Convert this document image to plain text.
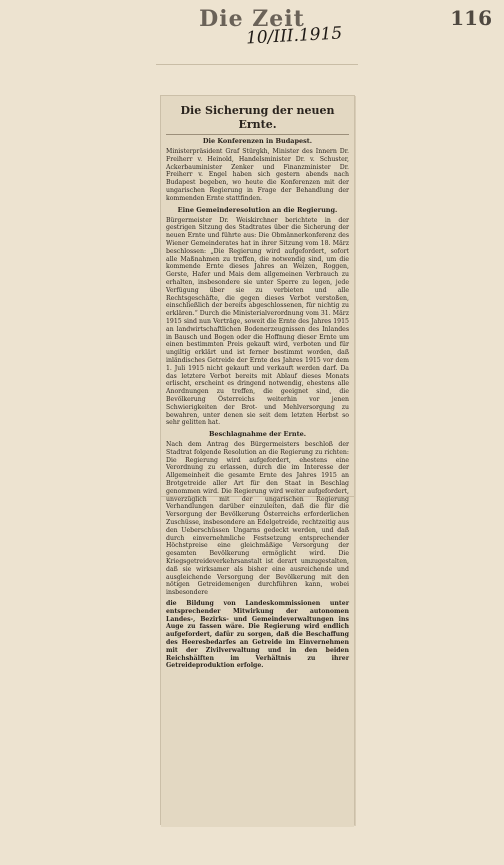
Die Zeit	116
10/III.1915
Die Sicherung der neuen Ernte.
Die Konferenzen in Budapest.

Ministerpräsident Graf Stürgkh, Minister des Innern Dr. Freiherr v. Heinold, Handelsminister Dr. v. Schuster, Ackerbauminister Zenker und Finanzminister Dr. Freiherr v. Engel haben sich gestern abends nach Budapest begeben, wo heute die Konferenzen mit der ungarischen Regierung in Frage der Behandlung der kommenden Ernte stattfinden.

Eine Gemeinderesolution an die Regierung.

Bürgermeister Dr. Weiskirchner berichtete in der gestrigen Sitzung des Stadtrates über die Sicherung der neuen Ernte und führte aus: Die Obmännerkonferenz des Wiener Gemeinderates hat in ihrer Sitzung vom 18. März beschlossen: „Die Regierung wird aufgefordert, sofort alle Maßnahmen zu treffen, die notwendig sind, um die kommende Ernte dieses Jahres an Weizen, Roggen, Gerste, Hafer und Mais dem allgemeinen Verbrauch zu erhalten, insbesondere sie unter Sperre zu legen, jede Verfügung über sie zu verbieten und alle Rechtsgeschäfte, die gegen dieses Verbot verstoßen, einschließlich der bereits abgeschlossenen, für nichtig zu erklären.“ Durch die Ministerialverordnung vom 31. März 1915 sind nun Verträge, soweit die Ernte des Jahres 1915 an landwirtschaftlichen Bodenerzeugnissen des Inlandes in Bausch und Bogen oder die Hoffnung dieser Ernte um einen bestimmten Preis gekauft wird, verboten und für ungiltig erklärt und ist ferner bestimmt worden, daß inländisches Getreide der Ernte des Jahres 1915 vor dem 1. Juli 1915 nicht gekauft und verkauft werden darf. Da das letztere Verbot bereits mit Ablauf dieses Monats erlischt, erscheint es dringend notwendig, ehestens alle Anordnungen zu treffen, die geeignet sind, die Bevölkerung Österreichs weiterhin vor jenen Schwierigkeiten der Brot- und Mehlversorgung zu bewahren, unter denen sie seit dem letzten Herbst so sehr gelitten hat.

Beschlagnahme der Ernte.

Nach dem Antrag des Bürgermeisters beschloß der Stadtrat folgende Resolution an die Regierung zu richten: Die Regierung wird aufgefordert, ehestens eine Verordnung zu erlassen, durch die im Interesse der Allgemeinheit die gesamte Ernte des Jahres 1915 an Brotgetreide aller Art für den Staat in Beschlag genommen wird. Die Regierung wird weiter aufgefordert, unverzüglich mit der ungarischen Regierung Verhandlungen darüber einzuleiten, daß die für die Versorgung der Bevölkerung Österreichs erforderlichen Zuschüsse, insbesondere an Edelgetreide, rechtzeitig aus den Ueberschüssen Ungarns gedeckt werden, und daß durch einvernehmliche Festsetzung entsprechender Höchstpreise eine gleichmäßige Versorgung der gesamten Bevölkerung ermöglicht wird. Die Kriegsgetreideverkehrsanstalt ist derart umzugestalten, daß sie wirksamer als bisher eine ausreichende und ausgleichende Versorgung der Bevölkerung mit den nötigen Getreidemengen durchführen kann, wobei insbesondere

die Bildung von Landeskommissionen unter entsprechender Mitwirkung der autonomen Landes-, Bezirks- und Gemeindeverwaltungen ins Auge zu fassen wäre. Die Regierung wird endlich aufgefordert, dafür zu sorgen, daß die Beschaffung des Heeresbedarfes an Getreide im Einvernehmen mit der Zivilverwaltung und in den beiden Reichshälften im Verhältnis zu ihrer Getreideproduktion erfolge.
